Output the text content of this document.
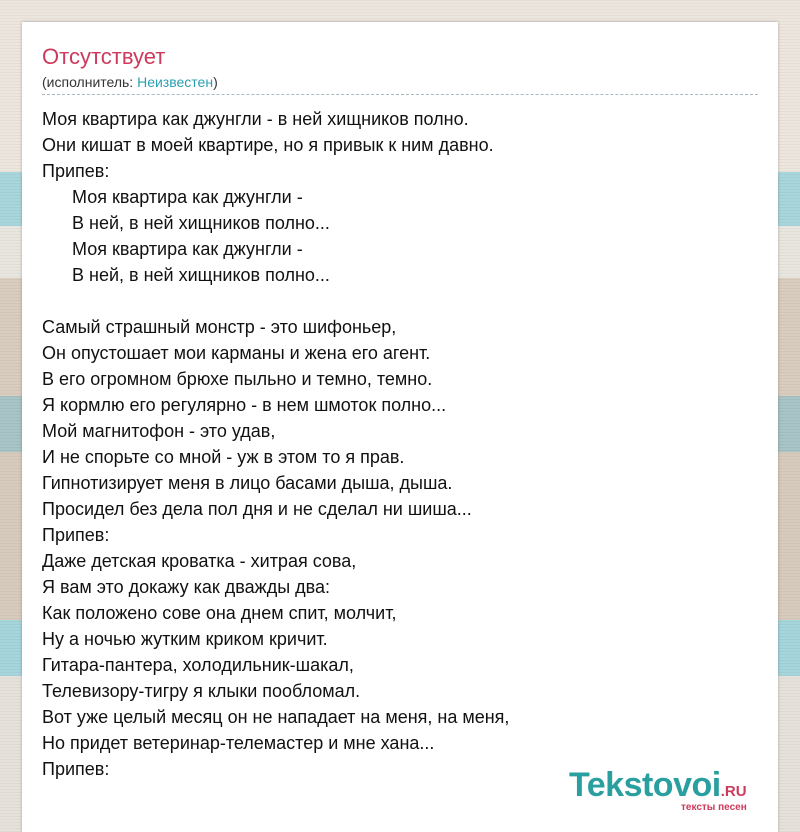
Отсутствует
(исполнитель: Неизвестен)
Моя квартира как джунгли - в ней хищников полно.
Они кишат в моей квартире, но я привык к ним давно.
Припев:
Моя квартира как джунгли -
В ней, в ней хищников полно...
Моя квартира как джунгли -
В ней, в ней хищников полно...
Самый страшный монстр - это шифоньер,
Он опустошает мои карманы и жена его агент.
В его огромном брюхе пыльно и темно, темно.
Я кормлю его регулярно - в нем шмоток полно...
Мой магнитофон - это удав,
И не спорьте со мной - уж в этом то я прав.
Гипнотизирует меня в лицо басами дыша, дыша.
Просидел без дела пол дня и не сделал ни шиша...
Припев:
Даже детская кроватка - хитрая сова,
Я вам это докажу как дважды два:
Как положено сове она днем спит, молчит,
Ну а ночью жутким криком кричит.
Гитара-пантера, холодильник-шакал,
Телевизору-тигру я клыки пообломал.
Вот уже целый месяц он не нападает на меня, на меня,
Но придет ветеринар-телемастер и мне хана...
Припев:	Tekstovoi.RU
тексты песен
